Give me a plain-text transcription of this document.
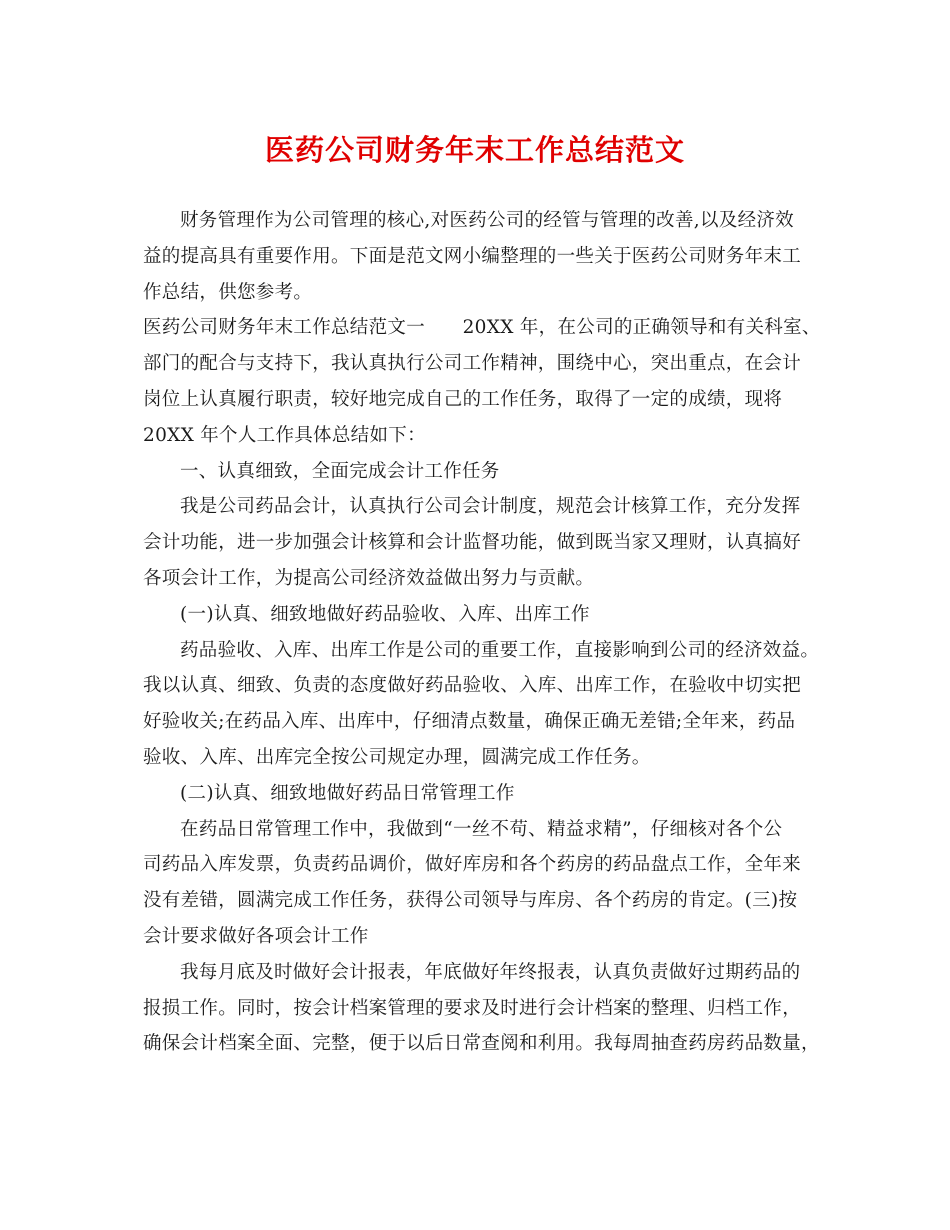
医药公司财务年末工作总结范文
财务管理作为公司管理的核心,对医药公司的经管与管理的改善,以及经济效
益的提高具有重要作用。下面是范文网小编整理的一些关于医药公司财务年末工
作总结，供您参考。
医药公司财务年末工作总结范文一　　20XX 年，在公司的正确领导和有关科室、
部门的配合与支持下，我认真执行公司工作精神，围绕中心，突出重点，在会计
岗位上认真履行职责，较好地完成自己的工作任务，取得了一定的成绩，现将
20XX 年个人工作具体总结如下：
一、认真细致，全面完成会计工作任务
我是公司药品会计，认真执行公司会计制度，规范会计核算工作，充分发挥
会计功能，进一步加强会计核算和会计监督功能，做到既当家又理财，认真搞好
各项会计工作，为提高公司经济效益做出努力与贡献。
(一)认真、细致地做好药品验收、入库、出库工作
药品验收、入库、出库工作是公司的重要工作，直接影响到公司的经济效益。
我以认真、细致、负责的态度做好药品验收、入库、出库工作，在验收中切实把
好验收关;在药品入库、出库中，仔细清点数量，确保正确无差错;全年来，药品
验收、入库、出库完全按公司规定办理，圆满完成工作任务。
(二)认真、细致地做好药品日常管理工作
在药品日常管理工作中，我做到“一丝不苟、精益求精”，仔细核对各个公
司药品入库发票，负责药品调价，做好库房和各个药房的药品盘点工作，全年来
没有差错，圆满完成工作任务，获得公司领导与库房、各个药房的肯定。(三)按
会计要求做好各项会计工作
我每月底及时做好会计报表，年底做好年终报表，认真负责做好过期药品的
报损工作。同时，按会计档案管理的要求及时进行会计档案的整理、归档工作，
确保会计档案全面、完整，便于以后日常查阅和利用。我每周抽查药房药品数量，
